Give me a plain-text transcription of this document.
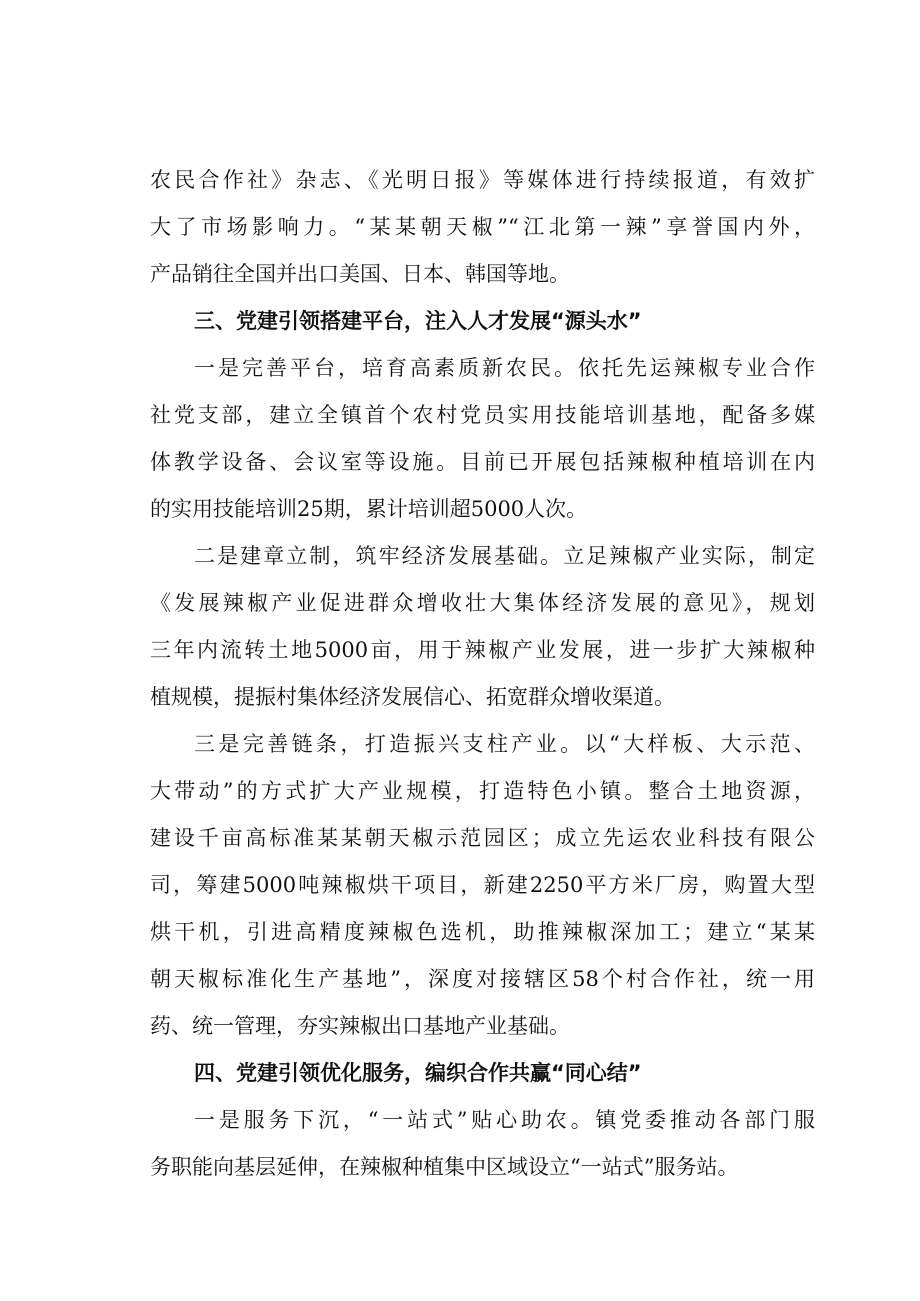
农民合作社》杂志、《光明日报》等媒体进行持续报道，有效扩
大了市场影响力。“某某朝天椒”“江北第一辣”享誉国内外，
产品销往全国并出口美国、日本、韩国等地。
三、党建引领搭建平台，注入人才发展“源头水”
一是完善平台，培育高素质新农民。依托先运辣椒专业合作
社党支部，建立全镇首个农村党员实用技能培训基地，配备多媒
体教学设备、会议室等设施。目前已开展包括辣椒种植培训在内
的实用技能培训25期，累计培训超5000人次。
二是建章立制，筑牢经济发展基础。立足辣椒产业实际，制定
《发展辣椒产业促进群众增收壮大集体经济发展的意见》，规划
三年内流转土地5000亩，用于辣椒产业发展，进一步扩大辣椒种
植规模，提振村集体经济发展信心、拓宽群众增收渠道。
三是完善链条，打造振兴支柱产业。以“大样板、大示范、
大带动”的方式扩大产业规模，打造特色小镇。整合土地资源，
建设千亩高标准某某朝天椒示范园区；成立先运农业科技有限公
司，筹建5000吨辣椒烘干项目，新建2250平方米厂房，购置大型
烘干机，引进高精度辣椒色选机，助推辣椒深加工；建立“某某
朝天椒标准化生产基地”，深度对接辖区58个村合作社，统一用
药、统一管理，夯实辣椒出口基地产业基础。
四、党建引领优化服务，编织合作共赢“同心结”
一是服务下沉，“一站式”贴心助农。镇党委推动各部门服
务职能向基层延伸，在辣椒种植集中区域设立“一站式”服务站。
